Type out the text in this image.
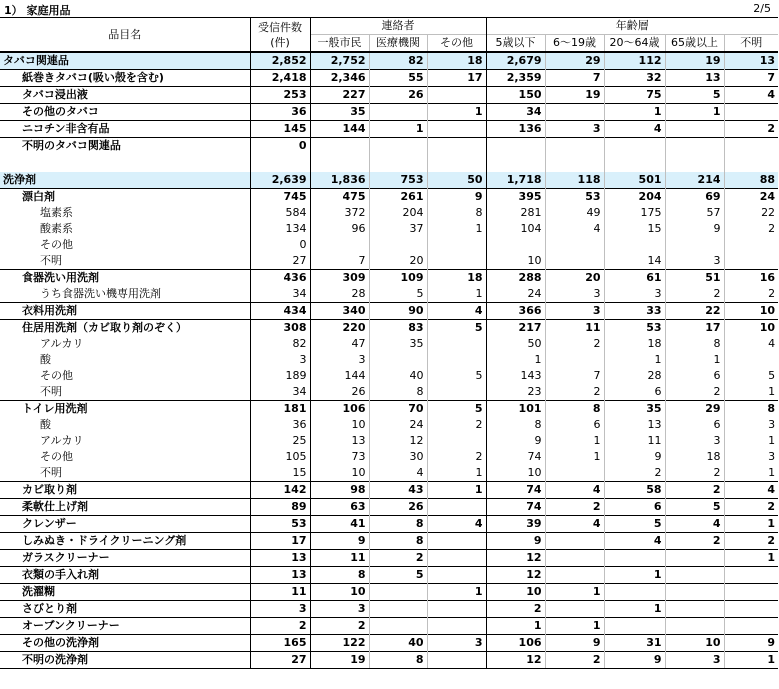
1） 家庭用品	2/5
品目名	受信件数
(件)	連絡者			年齢層				
		一般市民	医療機関	その他	5歳以下	6～19歳	20～64歳	65歳以上	不明
タバコ関連品	2,852	2,752	82	18	2,679	29	112	19	13
紙巻きタバコ(吸い殻を含む)	2,418	2,346	55	17	2,359	7	32	13	7
タバコ浸出液	253	227	26		150	19	75	5	4
その他のタバコ	36	35		1	34		1	1	
ニコチン非含有品	145	144	1		136	3	4		2
不明のタバコ関連品	0								

洗浄剤	2,639	1,836	753	50	1,718	118	501	214	88
漂白剤	745	475	261	9	395	53	204	69	24
塩素系	584	372	204	8	281	49	175	57	22
酸素系	134	96	37	1	104	4	15	9	2
その他	0								
不明	27	7	20		10		14	3	
食器洗い用洗剤	436	309	109	18	288	20	61	51	16
うち食器洗い機専用洗剤	34	28	5	1	24	3	3	2	2
衣料用洗剤	434	340	90	4	366	3	33	22	10
住居用洗剤（カビ取り剤のぞく）	308	220	83	5	217	11	53	17	10
アルカリ	82	47	35		50	2	18	8	4
酸	3	3			1		1	1	
その他	189	144	40	5	143	7	28	6	5
不明	34	26	8		23	2	6	2	1
トイレ用洗剤	181	106	70	5	101	8	35	29	8
酸	36	10	24	2	8	6	13	6	3
アルカリ	25	13	12		9	1	11	3	1
その他	105	73	30	2	74	1	9	18	3
不明	15	10	4	1	10		2	2	1
カビ取り剤	142	98	43	1	74	4	58	2	4
柔軟仕上げ剤	89	63	26		74	2	6	5	2
クレンザー	53	41	8	4	39	4	5	4	1
しみぬき・ドライクリーニング剤	17	9	8		9		4	2	2
ガラスクリーナー	13	11	2		12				1
衣類の手入れ剤	13	8	5		12		1		
洗濯糊	11	10		1	10	1			
さびとり剤	3	3			2		1		
オーブンクリーナー	2	2			1	1			
その他の洗浄剤	165	122	40	3	106	9	31	10	9
不明の洗浄剤	27	19	8		12	2	9	3	1
